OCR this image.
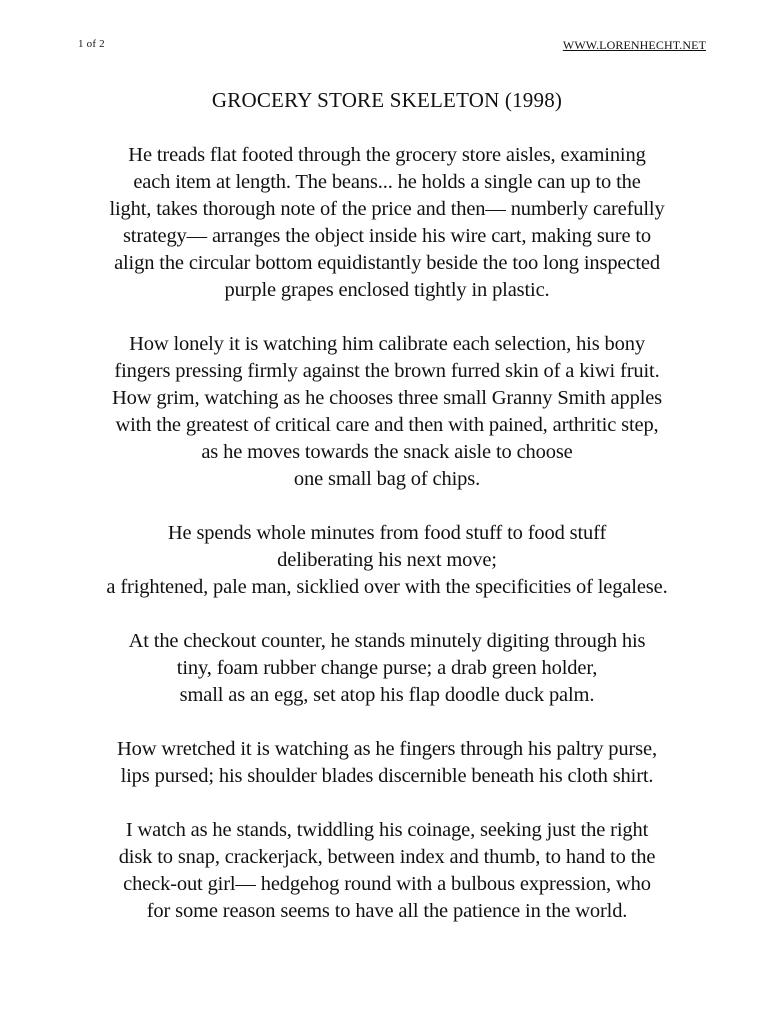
1 of 2	WWW.LORENHECHT.NET
GROCERY STORE SKELETON (1998)
He treads flat footed through the grocery store aisles, examining
each item at length. The beans... he holds a single can up to the
light, takes thorough note of the price and then— numberly carefully
strategy— arranges the object inside his wire cart, making sure to
align the circular bottom equidistantly beside the too long inspected
purple grapes enclosed tightly in plastic.
How lonely it is watching him calibrate each selection, his bony
fingers pressing firmly against the brown furred skin of a kiwi fruit.
How grim, watching as he chooses three small Granny Smith apples
with the greatest of critical care and then with pained, arthritic step,
as he moves towards the snack aisle to choose
one small bag of chips.
He spends whole minutes from food stuff to food stuff
deliberating his next move;
a frightened, pale man, sicklied over with the specificities of legalese.
At the checkout counter, he stands minutely digiting through his
tiny, foam rubber change purse; a drab green holder,
small as an egg, set atop his flap doodle duck palm.
How wretched it is watching as he fingers through his paltry purse,
lips pursed; his shoulder blades discernible beneath his cloth shirt.
I watch as he stands, twiddling his coinage, seeking just the right
disk to snap, crackerjack, between index and thumb, to hand to the
check-out girl— hedgehog round with a bulbous expression, who
for some reason seems to have all the patience in the world.
